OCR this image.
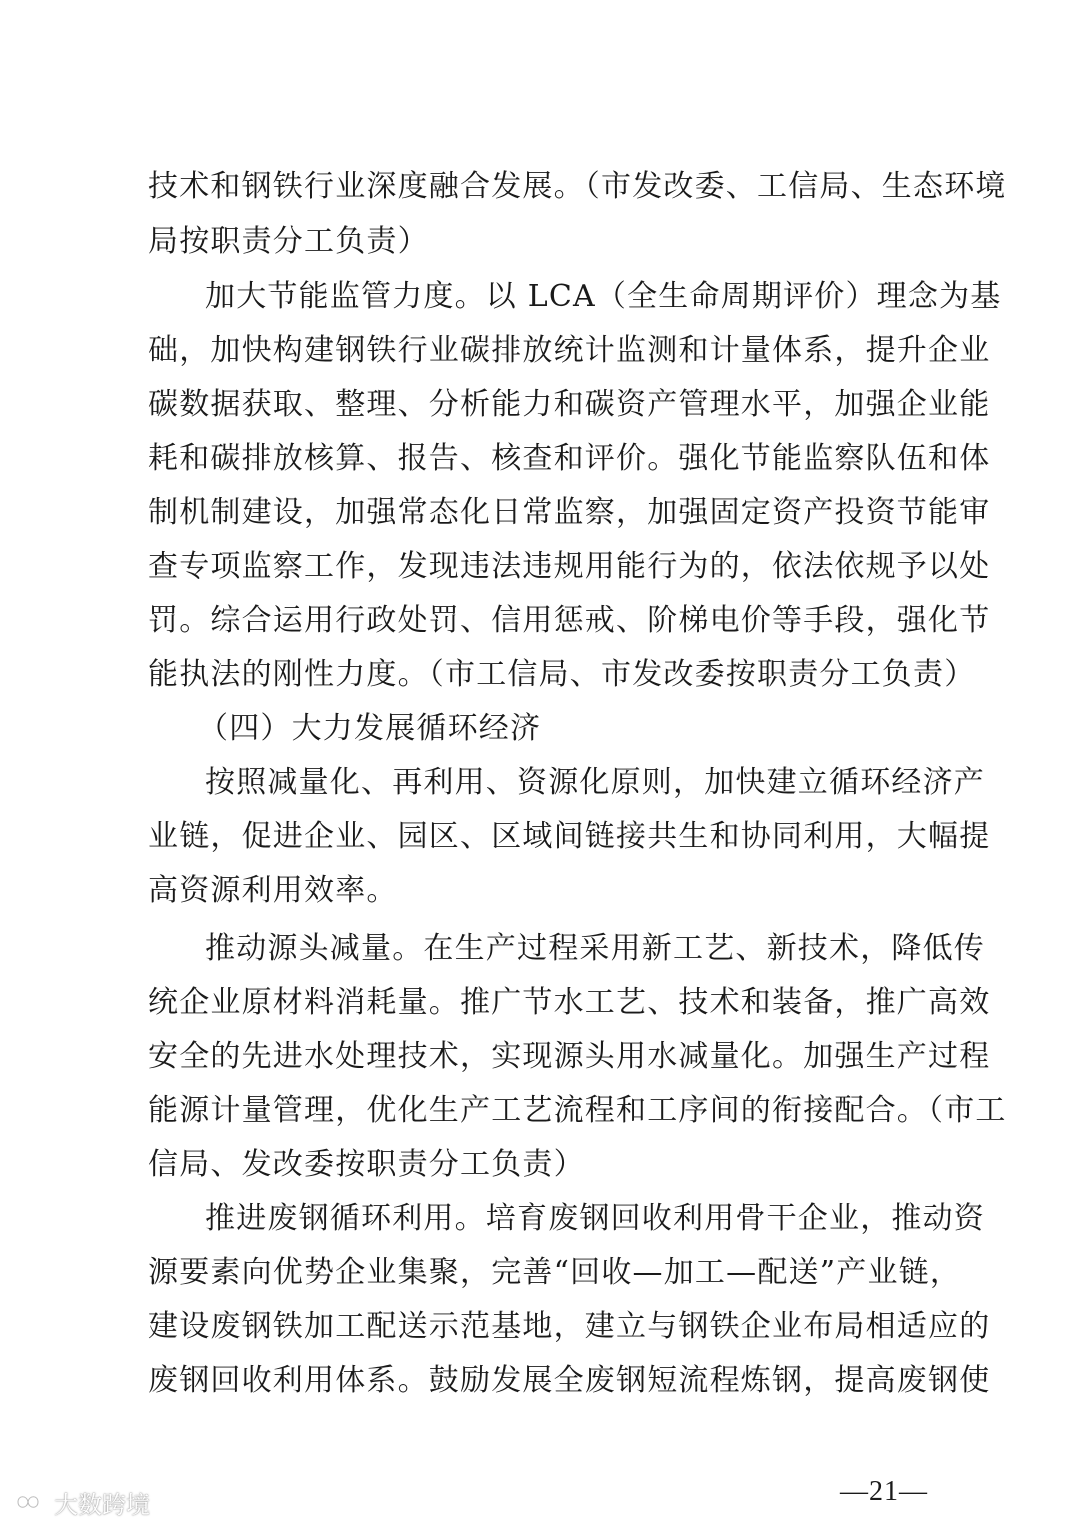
技术和钢铁行业深度融合发展。（市发改委、工信局、生态环境
局按职责分工负责）
加大节能监管力度。以 LCA（全生命周期评价）理念为基
础，加快构建钢铁行业碳排放统计监测和计量体系，提升企业
碳数据获取、整理、分析能力和碳资产管理水平，加强企业能
耗和碳排放核算、报告、核查和评价。强化节能监察队伍和体
制机制建设，加强常态化日常监察，加强固定资产投资节能审
查专项监察工作，发现违法违规用能行为的，依法依规予以处
罚。综合运用行政处罚、信用惩戒、阶梯电价等手段，强化节
能执法的刚性力度。（市工信局、市发改委按职责分工负责）
（四）大力发展循环经济
按照减量化、再利用、资源化原则，加快建立循环经济产
业链，促进企业、园区、区域间链接共生和协同利用，大幅提
高资源利用效率。
推动源头减量。在生产过程采用新工艺、新技术，降低传
统企业原材料消耗量。推广节水工艺、技术和装备，推广高效
安全的先进水处理技术，实现源头用水减量化。加强生产过程
能源计量管理，优化生产工艺流程和工序间的衔接配合。（市工
信局、发改委按职责分工负责）
推进废钢循环利用。培育废钢回收利用骨干企业，推动资
源要素向优势企业集聚，完善“回收—加工—配送”产业链，
建设废钢铁加工配送示范基地，建立与钢铁企业布局相适应的
废钢回收利用体系。鼓励发展全废钢短流程炼钢，提高废钢使
—21—
大数跨境
